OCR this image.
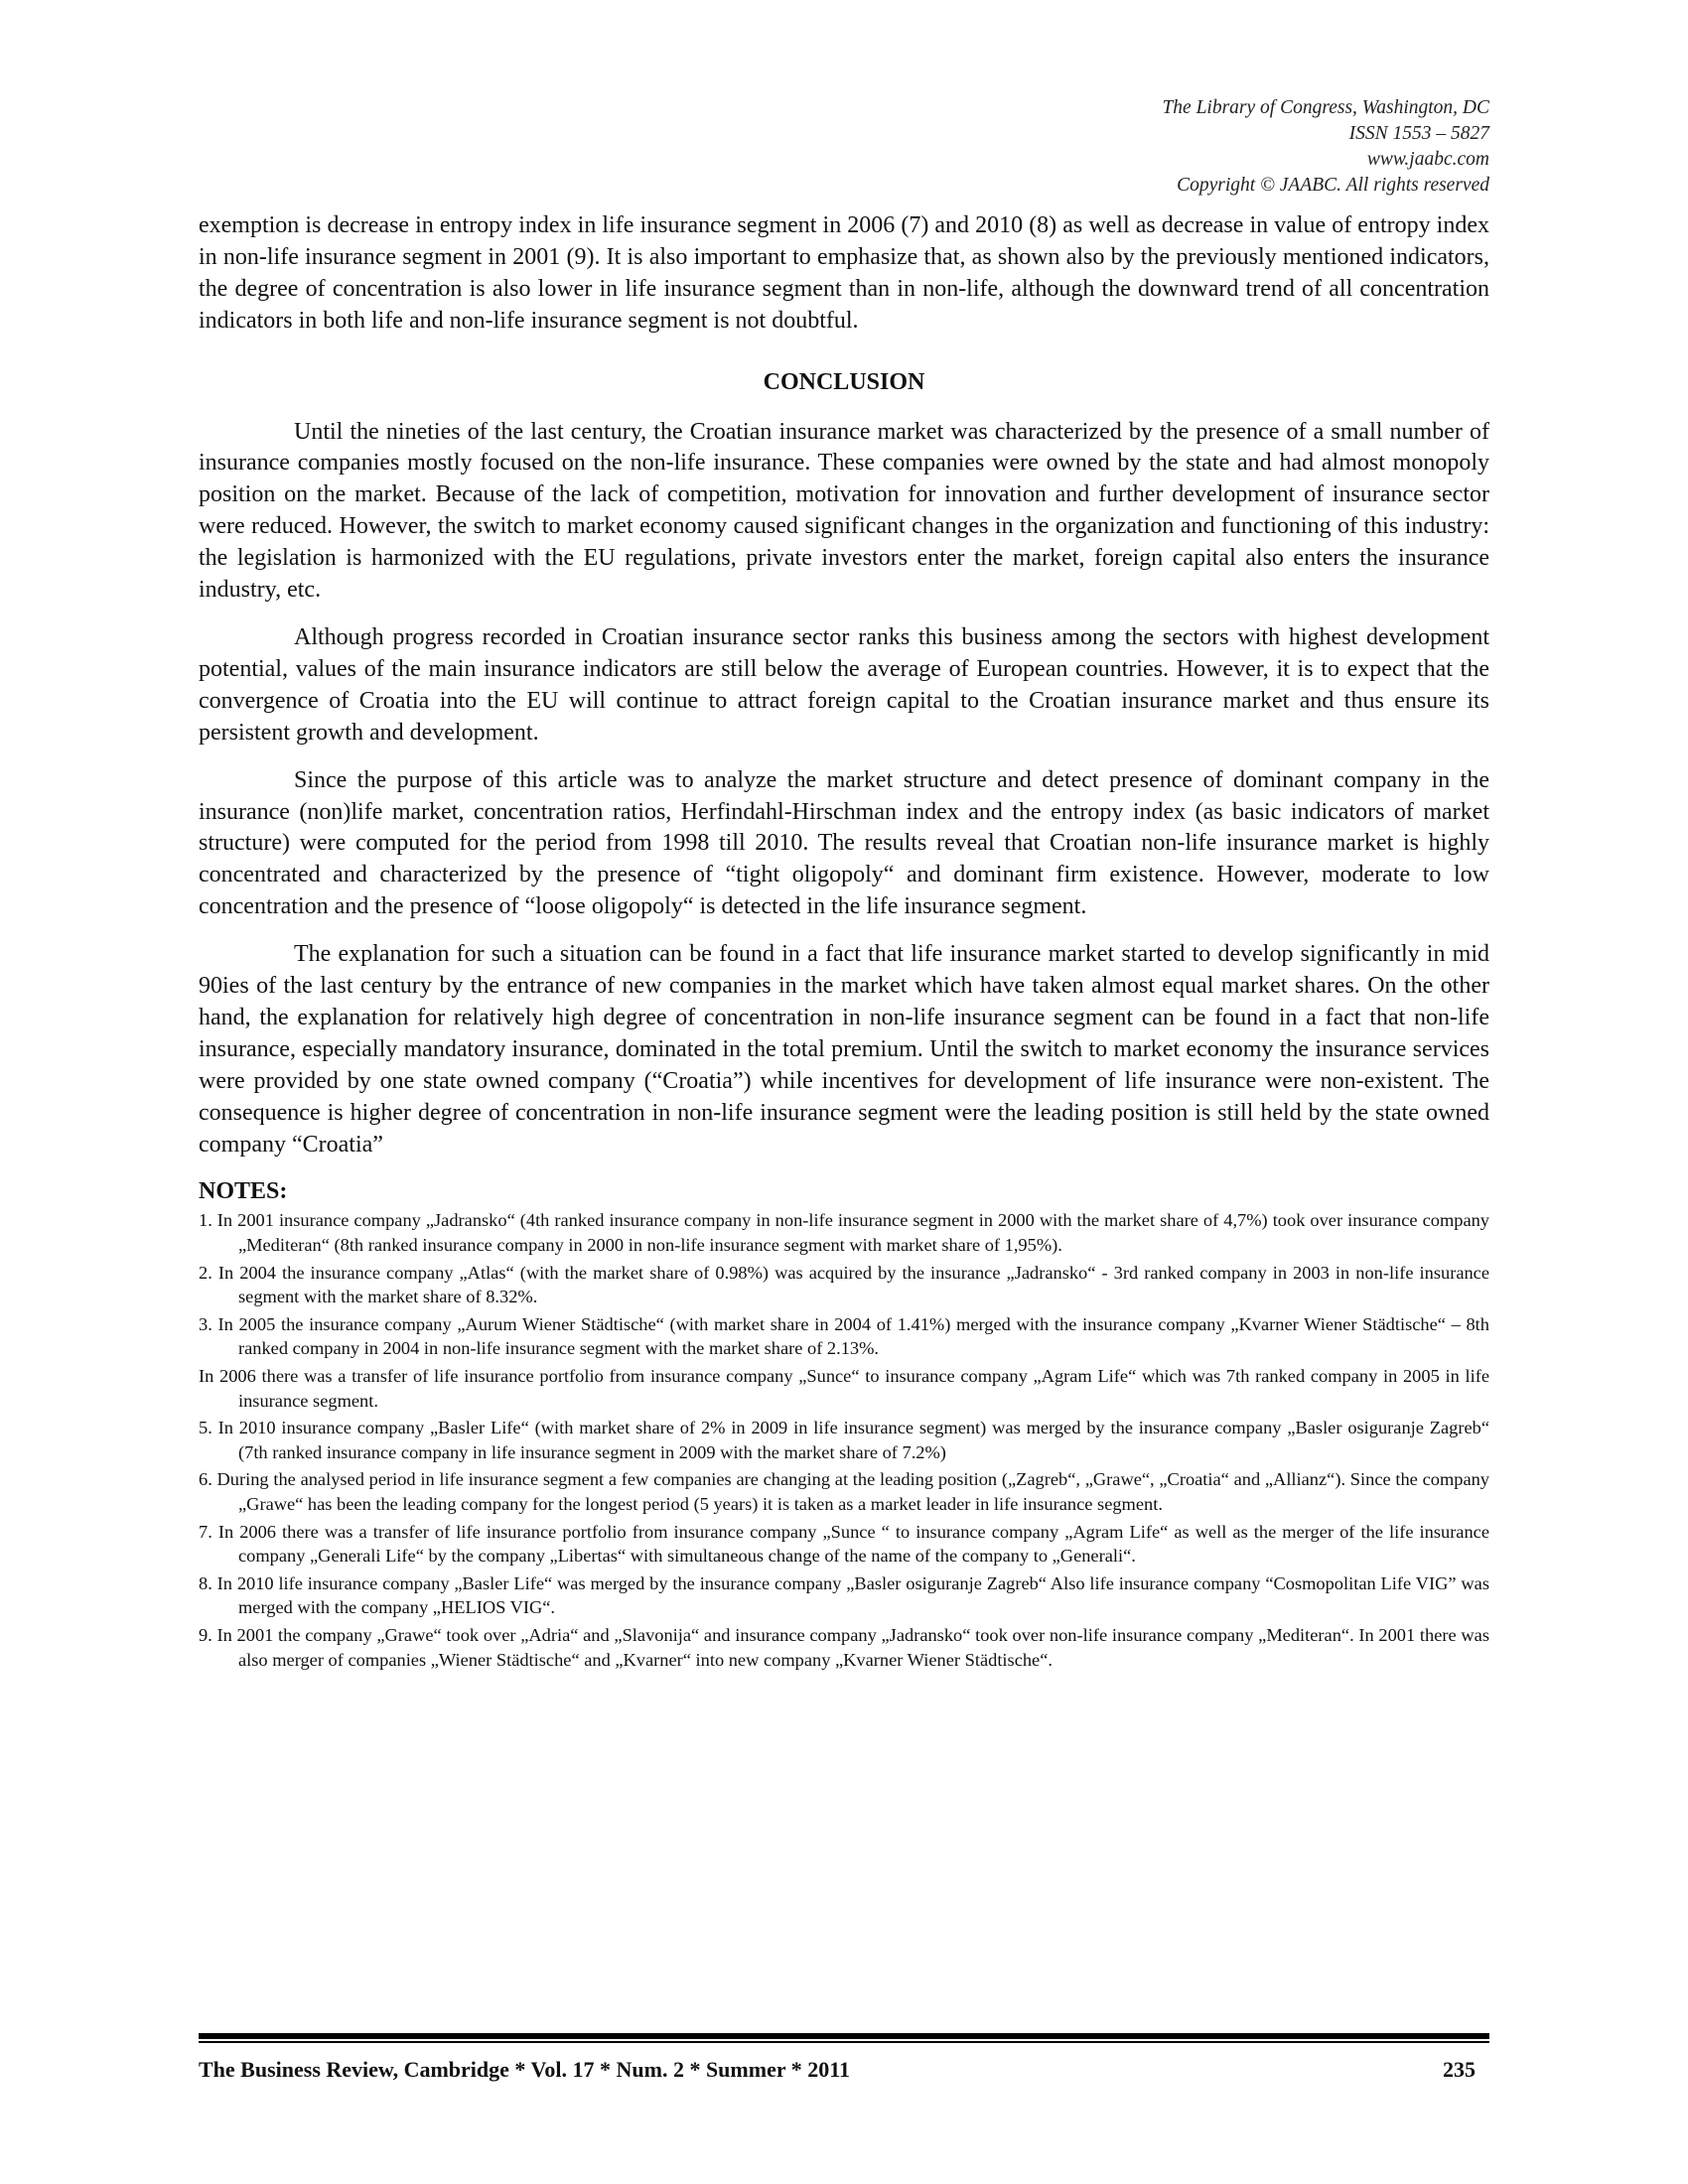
The Library of Congress, Washington, DC
ISSN 1553 – 5827
www.jaabc.com
Copyright © JAABC. All rights reserved

exemption is decrease in entropy index in life insurance segment in 2006 (7) and 2010 (8) as well as decrease in value of entropy index in non-life insurance segment in 2001 (9). It is also important to emphasize that, as shown also by the previously mentioned indicators, the degree of concentration is also lower in life insurance segment than in non-life, although the downward trend of all concentration indicators in both life and non-life insurance segment is not doubtful.

CONCLUSION

Until the nineties of the last century, the Croatian insurance market was characterized by the presence of a small number of insurance companies mostly focused on the non-life insurance. These companies were owned by the state and had almost monopoly position on the market. Because of the lack of competition, motivation for innovation and further development of insurance sector were reduced. However, the switch to market economy caused significant changes in the organization and functioning of this industry: the legislation is harmonized with the EU regulations, private investors enter the market, foreign capital also enters the insurance industry, etc.

Although progress recorded in Croatian insurance sector ranks this business among the sectors with highest development potential, values of the main insurance indicators are still below the average of European countries. However, it is to expect that the convergence of Croatia into the EU will continue to attract foreign capital to the Croatian insurance market and thus ensure its persistent growth and development.

Since the purpose of this article was to analyze the market structure and detect presence of dominant company in the insurance (non)life market, concentration ratios, Herfindahl-Hirschman index and the entropy index (as basic indicators of market structure) were computed for the period from 1998 till 2010. The results reveal that Croatian non-life insurance market is highly concentrated and characterized by the presence of “tight oligopoly“ and dominant firm existence. However, moderate to low concentration and the presence of “loose oligopoly“ is detected in the life insurance segment.

The explanation for such a situation can be found in a fact that life insurance market started to develop significantly in mid 90ies of the last century by the entrance of new companies in the market which have taken almost equal market shares. On the other hand, the explanation for relatively high degree of concentration in non-life insurance segment can be found in a fact that non-life insurance, especially mandatory insurance, dominated in the total premium. Until the switch to market economy the insurance services were provided by one state owned company (“Croatia”) while incentives for development of life insurance were non-existent. The consequence is higher degree of concentration in non-life insurance segment were the leading position is still held by the state owned company “Croatia”

NOTES:
1. In 2001 insurance company „Jadransko“ (4th ranked insurance company in non-life insurance segment in 2000 with the market share of 4,7%) took over insurance company „Mediteran“ (8th ranked insurance company in 2000 in non-life insurance segment with market share of 1,95%).
2. In 2004 the insurance company „Atlas“ (with the market share of 0.98%) was acquired by the insurance „Jadransko“ - 3rd ranked company in 2003 in non-life insurance segment with the market share of 8.32%.
3. In 2005 the insurance company „Aurum Wiener Städtische“ (with market share in 2004 of 1.41%) merged with the insurance company „Kvarner Wiener Städtische“ – 8th ranked company in 2004 in non-life insurance segment with the market share of 2.13%.
In 2006 there was a transfer of life insurance portfolio from insurance company „Sunce“ to insurance company „Agram Life“ which was 7th ranked company in 2005 in life insurance segment.
5. In 2010 insurance company „Basler Life“ (with market share of 2% in 2009 in life insurance segment) was merged by the insurance company „Basler osiguranje Zagreb“ (7th ranked insurance company in life insurance segment in 2009 with the market share of 7.2%)
6. During the analysed period in life insurance segment a few companies are changing at the leading position („Zagreb“, „Grawe“, „Croatia“ and „Allianz“). Since the company „Grawe“ has been the leading company for the longest period (5 years) it is taken as a market leader in life insurance segment.
7. In 2006 there was a transfer of life insurance portfolio from insurance company „Sunce “ to insurance company „Agram Life“ as well as the merger of the life insurance company „Generali Life“ by the company „Libertas“ with simultaneous change of the name of the company to „Generali“.
8. In 2010 life insurance company „Basler Life“ was merged by the insurance company „Basler osiguranje Zagreb“ Also life insurance company “Cosmopolitan Life VIG” was merged with the company „HELIOS VIG“.
9. In 2001 the company „Grawe“ took over „Adria“ and „Slavonija“ and insurance company „Jadransko“ took over non-life insurance company „Mediteran“. In 2001 there was also merger of companies „Wiener Städtische“ and „Kvarner“ into new company „Kvarner Wiener Städtische“.
The Business Review, Cambridge * Vol. 17 * Num. 2 * Summer * 2011	235
